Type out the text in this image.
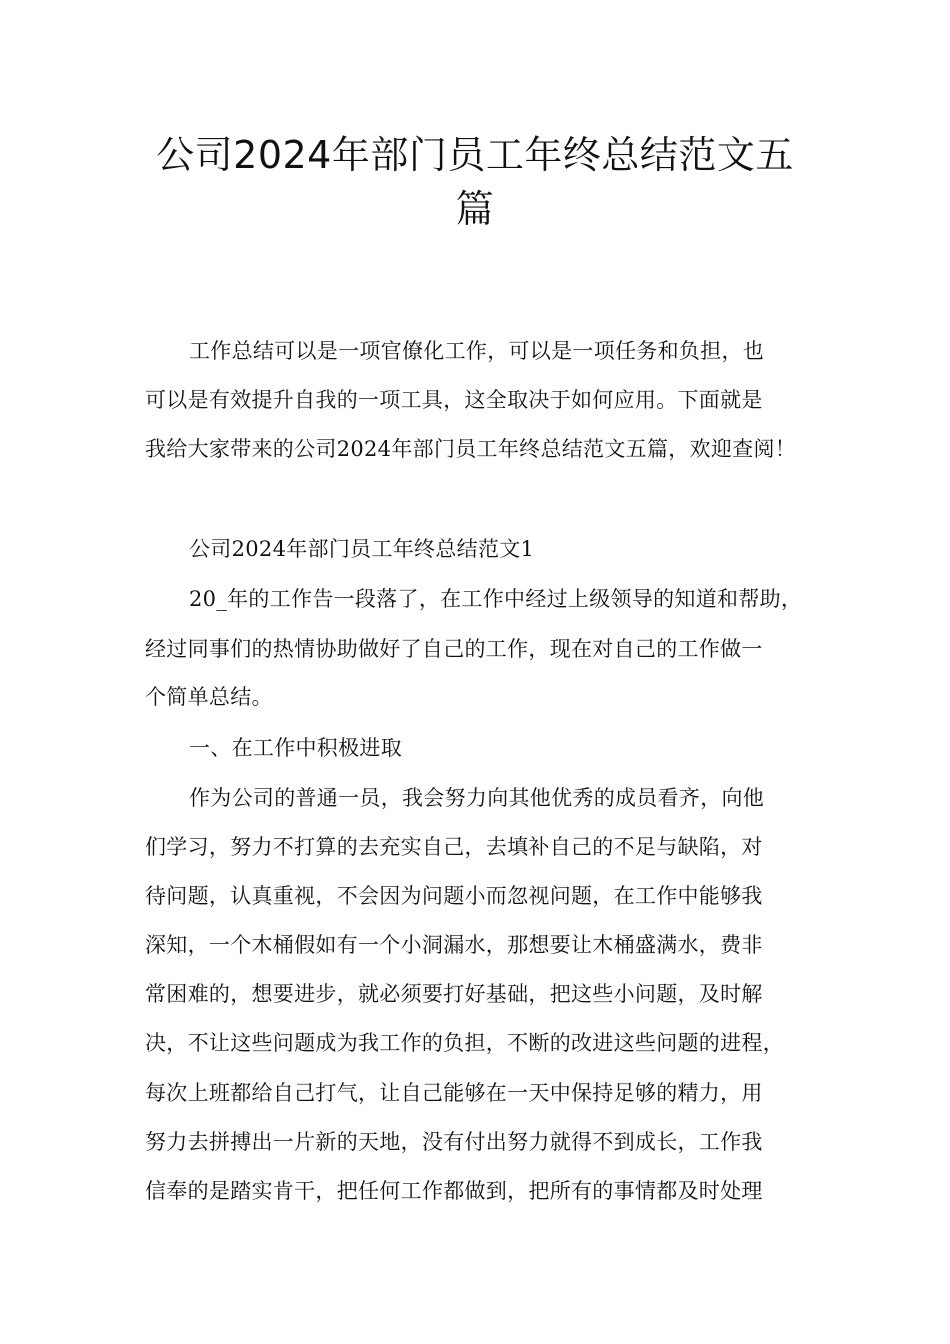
公司2024年部门员工年终总结范文五
篇

工作总结可以是一项官僚化工作，可以是一项任务和负担，也

可以是有效提升自我的一项工具，这全取决于如何应用。下面就是

我给大家带来的公司2024年部门员工年终总结范文五篇，欢迎查阅！

公司2024年部门员工年终总结范文1

20_年的工作告一段落了，在工作中经过上级领导的知道和帮助，

经过同事们的热情协助做好了自己的工作，现在对自己的工作做一

个简单总结。

一、在工作中积极进取

作为公司的普通一员，我会努力向其他优秀的成员看齐，向他

们学习，努力不打算的去充实自己，去填补自己的不足与缺陷，对

待问题，认真重视，不会因为问题小而忽视问题，在工作中能够我

深知，一个木桶假如有一个小洞漏水，那想要让木桶盛满水，费非

常困难的，想要进步，就必须要打好基础，把这些小问题，及时解

决，不让这些问题成为我工作的负担，不断的改进这些问题的进程，

每次上班都给自己打气，让自己能够在一天中保持足够的精力，用

努力去拼搏出一片新的天地，没有付出努力就得不到成长，工作我

信奉的是踏实肯干，把任何工作都做到，把所有的事情都及时处理
